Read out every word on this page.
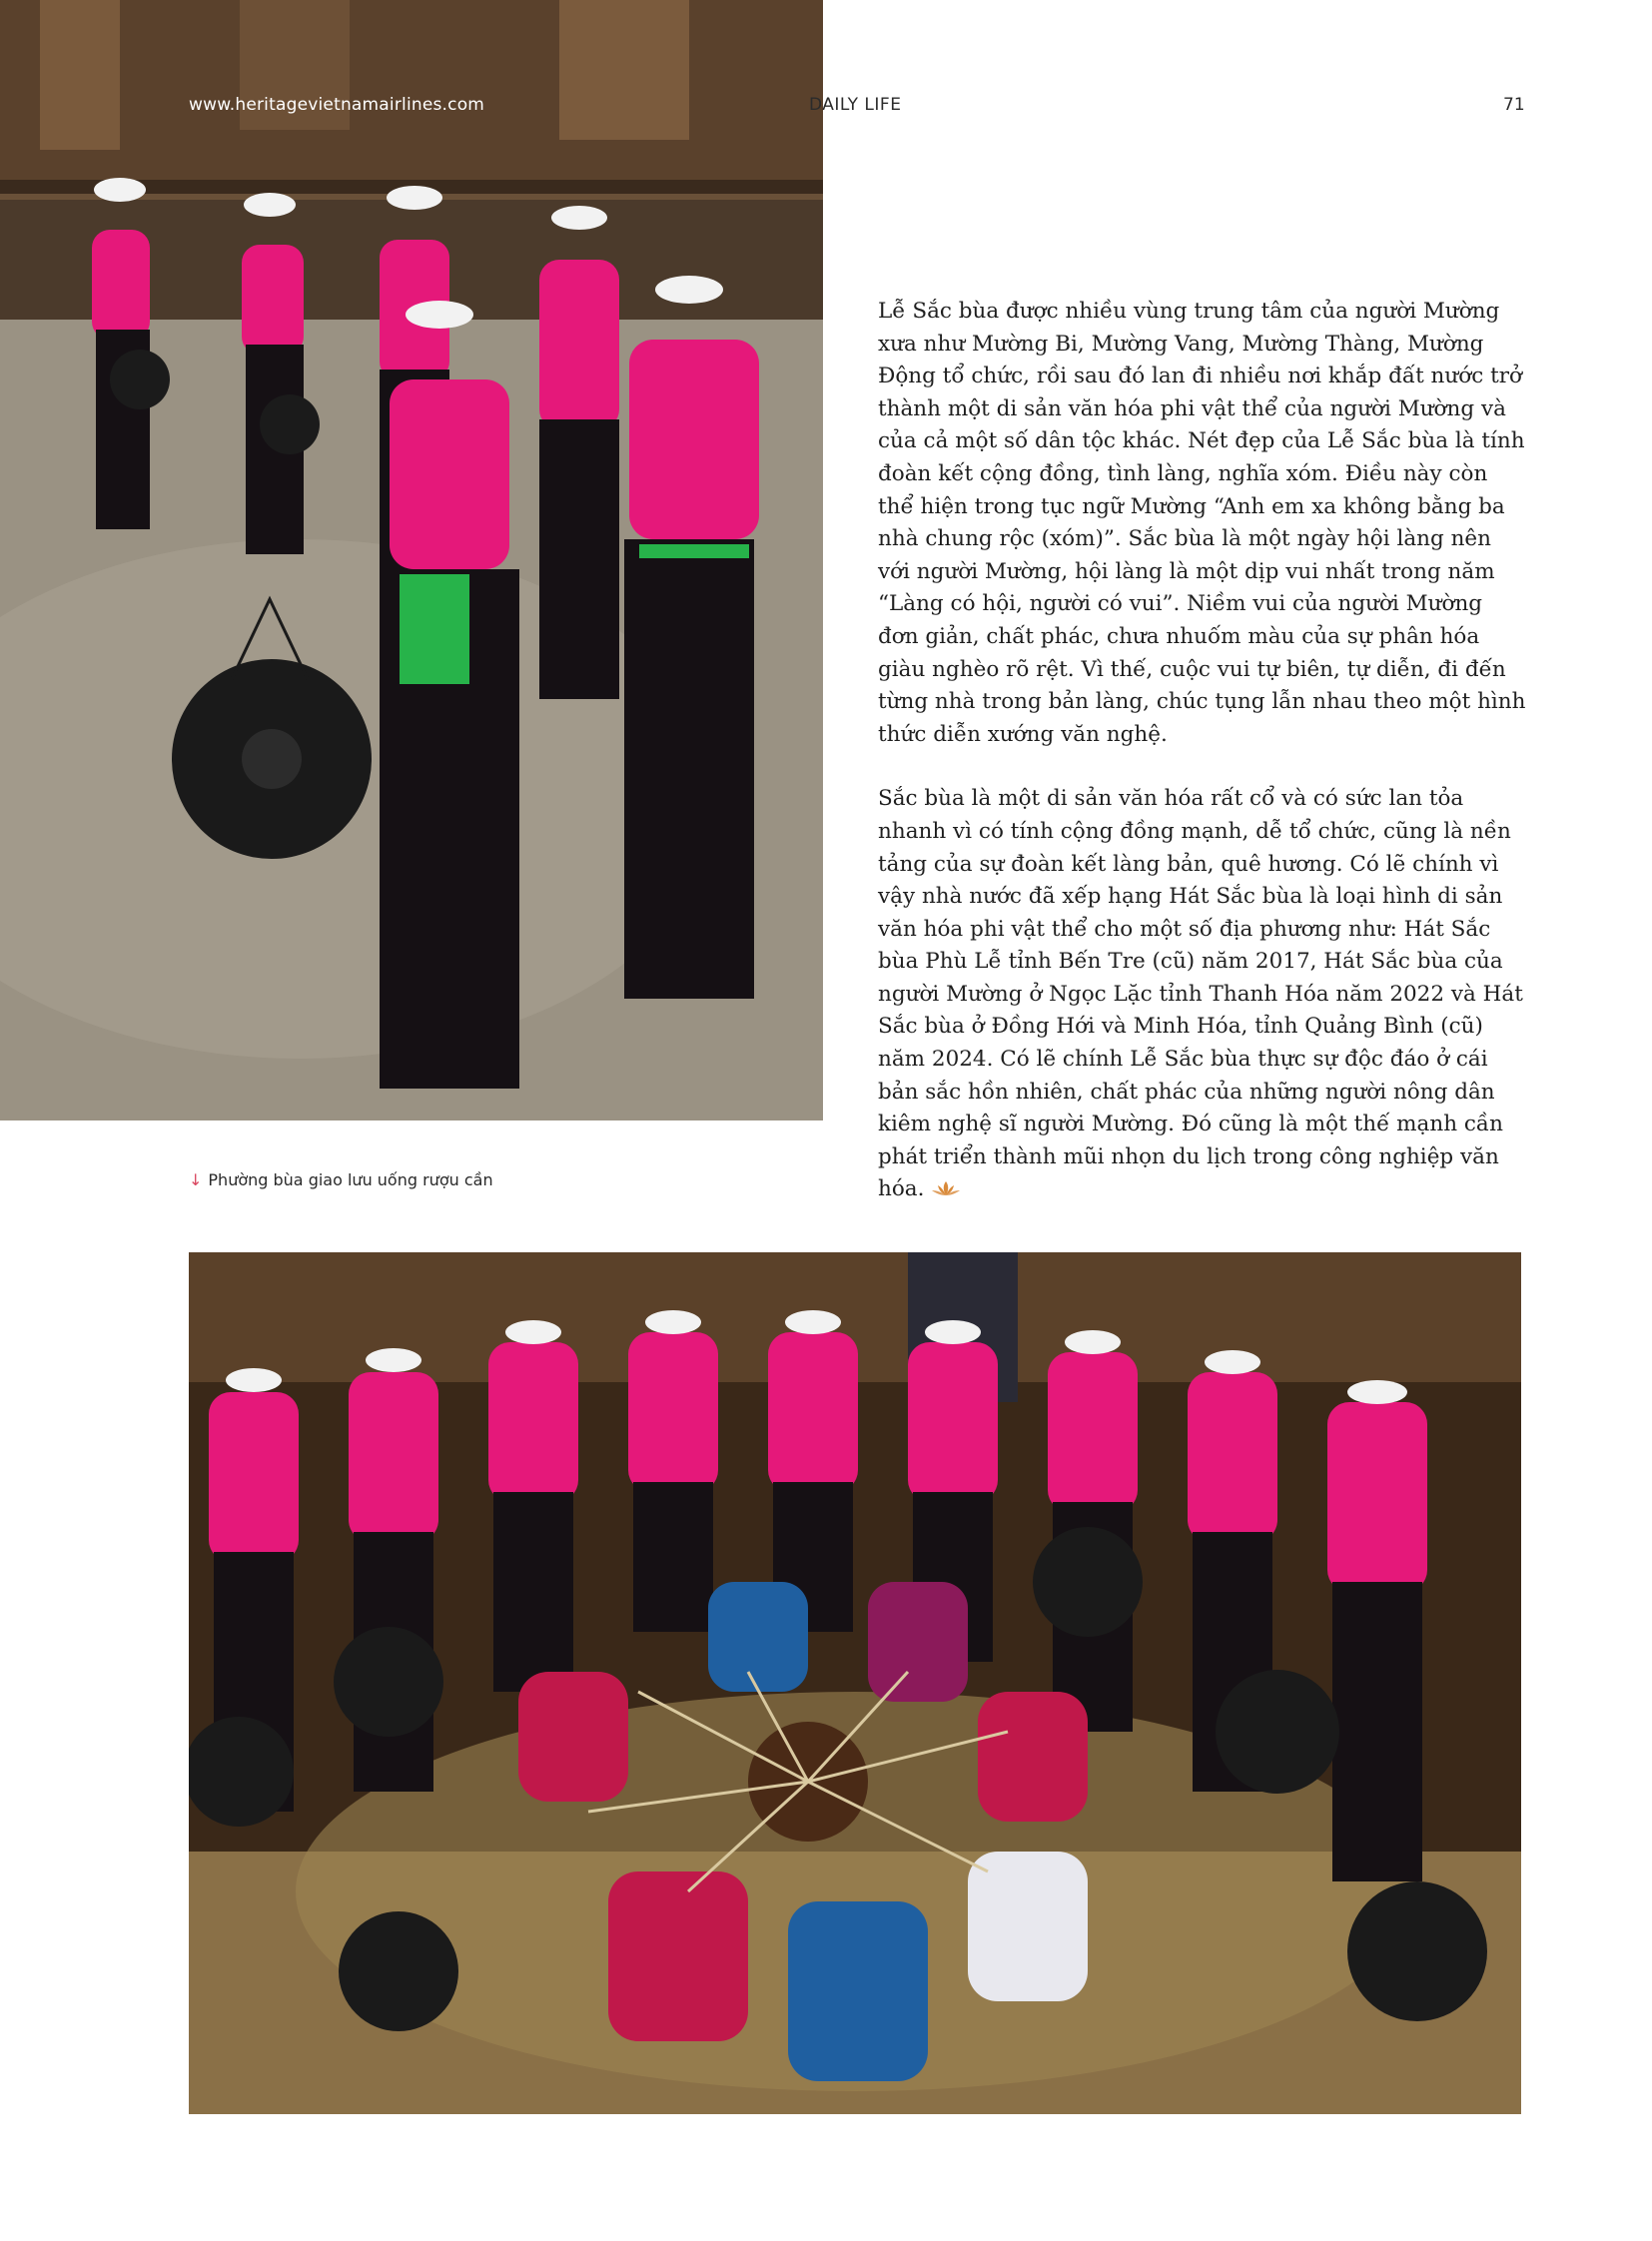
www.heritagevietnamairlines.com	DAILY LIFE	71

Lễ Sắc bùa được nhiều vùng trung tâm của người Mường xưa như Mường Bi, Mường Vang, Mường Thàng, Mường Động tổ chức, rồi sau đó lan đi nhiều nơi khắp đất nước trở thành một di sản văn hóa phi vật thể của người Mường và của cả một số dân tộc khác. Nét đẹp của Lễ Sắc bùa là tính đoàn kết cộng đồng, tình làng, nghĩa xóm. Điều này còn thể hiện trong tục ngữ Mường “Anh em xa không bằng ba nhà chung rộc (xóm)”. Sắc bùa là một ngày hội làng nên với người Mường, hội làng là một dịp vui nhất trong năm “Làng có hội, người có vui”. Niềm vui của người Mường đơn giản, chất phác, chưa nhuốm màu của sự phân hóa giàu nghèo rõ rệt. Vì thế, cuộc vui tự biên, tự diễn, đi đến từng nhà trong bản làng, chúc tụng lẫn nhau theo một hình thức diễn xướng văn nghệ.

Sắc bùa là một di sản văn hóa rất cổ và có sức lan tỏa nhanh vì có tính cộng đồng mạnh, dễ tổ chức, cũng là nền tảng của sự đoàn kết làng bản, quê hương. Có lẽ chính vì vậy nhà nước đã xếp hạng Hát Sắc bùa là loại hình di sản văn hóa phi vật thể cho một số địa phương như: Hát Sắc bùa Phù Lễ tỉnh Bến Tre (cũ) năm 2017, Hát Sắc bùa của người Mường ở Ngọc Lặc tỉnh Thanh Hóa năm 2022 và Hát Sắc bùa ở Đồng Hới và Minh Hóa, tỉnh Quảng Bình (cũ) năm 2024. Có lẽ chính Lễ Sắc bùa thực sự độc đáo ở cái bản sắc hồn nhiên, chất phác của những người nông dân kiêm nghệ sĩ người Mường. Đó cũng là một thế mạnh cần phát triển thành mũi nhọn du lịch trong công nghiệp văn hóa.

↓ Phường bùa giao lưu uống rượu cần
